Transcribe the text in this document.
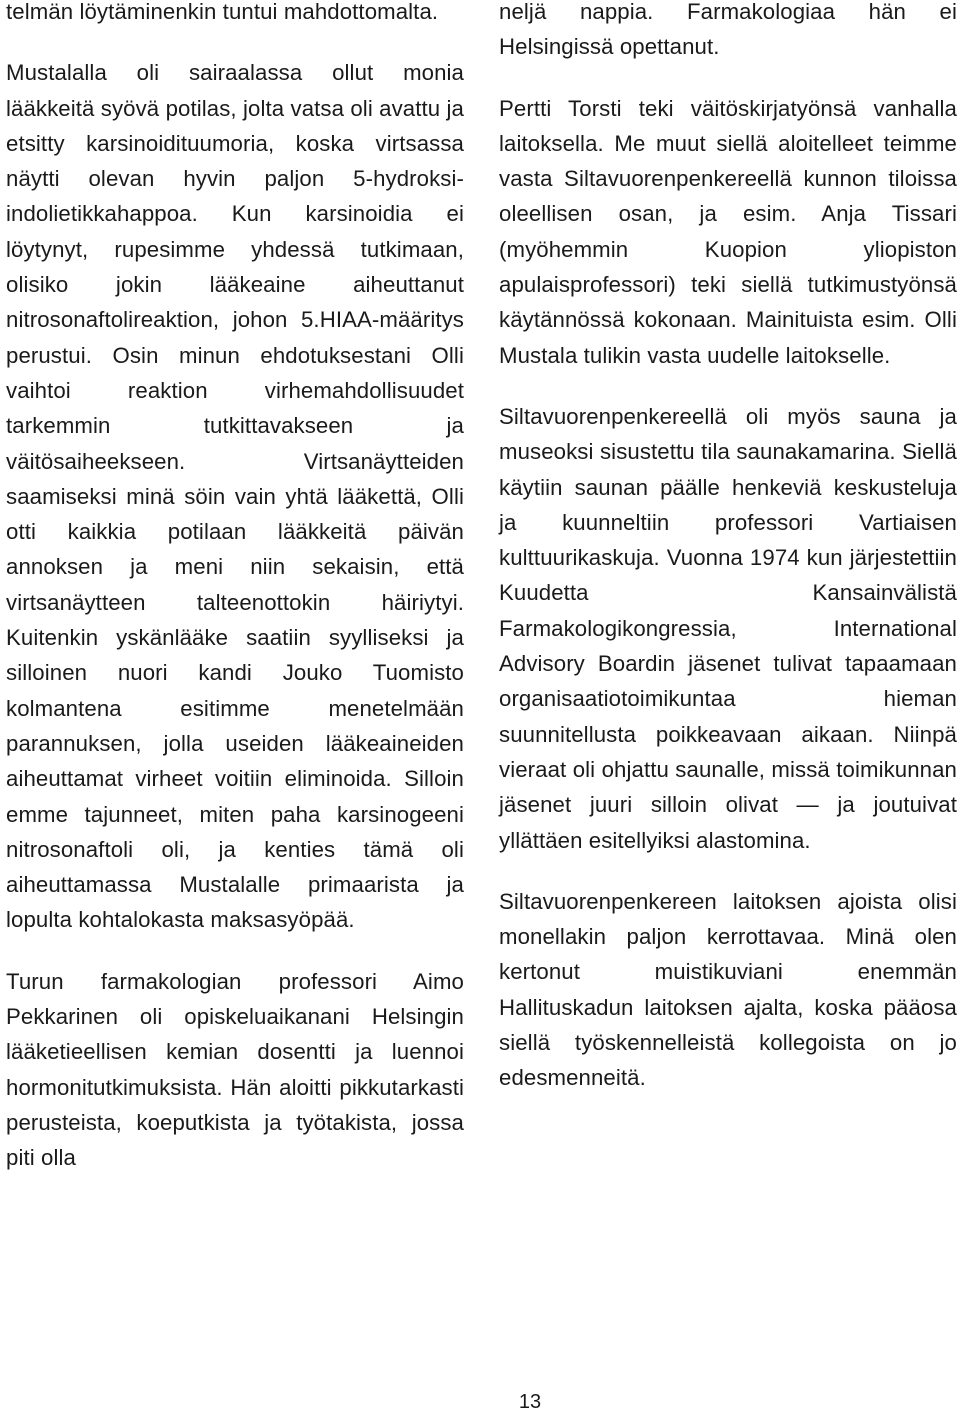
telmän löytäminenkin tuntui mahdottomalta.

Mustalalla oli sairaalassa ollut monia lääkkeitä syövä potilas, jolta vatsa oli avattu ja etsitty karsinoidituumoria, koska virtsassa näytti olevan hyvin paljon 5-hydroksi-indolietikkahappoa. Kun karsinoidia ei löytynyt, rupesimme yhdessä tutkimaan, olisiko jokin lääkeaine aiheuttanut nitrosonaftolireaktion, johon 5.HIAA-määritys perustui. Osin minun ehdotuksestani Olli vaihtoi reaktion virhemahdollisuudet tarkemmin tutkittavakseen ja väitösaiheekseen. Virtsanäytteiden saamiseksi minä söin vain yhtä lääkettä, Olli otti kaikkia potilaan lääkkeitä päivän annoksen ja meni niin sekaisin, että virtsanäytteen talteenottokin häiriytyi. Kuitenkin yskänlääke saatiin syylliseksi ja silloinen nuori kandi Jouko Tuomisto kolmantena esitimme menetelmään parannuksen, jolla useiden lääkeaineiden aiheuttamat virheet voitiin eliminoida. Silloin emme tajunneet, miten paha karsinogeeni nitrosonaftoli oli, ja kenties tämä oli aiheuttamassa Mustalalle primaarista ja lopulta kohtalokasta maksasyöpää.

Turun farmakologian professori Aimo Pekkarinen oli opiskeluaikanani Helsingin lääketieellisen kemian dosentti ja luennoi hormonitutkimuksista. Hän aloitti pikkutarkasti perusteista, koeputkista ja työtakista, jossa piti olla

neljä nappia. Farmakologiaa hän ei Helsingissä opettanut.

Pertti Torsti teki väitöskirjatyönsä vanhalla laitoksella. Me muut siellä aloitelleet teimme vasta Siltavuorenpenkereellä kunnon tiloissa oleellisen osan, ja esim. Anja Tissari (myöhemmin Kuopion yliopiston apulaisprofessori) teki siellä tutkimustyönsä käytännössä kokonaan. Mainituista esim. Olli Mustala tulikin vasta uudelle laitokselle.

Siltavuorenpenkereellä oli myös sauna ja museoksi sisustettu tila saunakamarina. Siellä käytiin saunan päälle henkeviä keskusteluja ja kuunneltiin professori Vartiaisen kulttuurikaskuja. Vuonna 1974 kun järjestettiin Kuudetta Kansainvälistä Farmakologikongressia, International Advisory Boardin jäsenet tulivat tapaamaan organisaatiotoimikuntaa hieman suunnitellusta poikkeavaan aikaan. Niinpä vieraat oli ohjattu saunalle, missä toimikunnan jäsenet juuri silloin olivat — ja joutuivat yllättäen esitellyiksi alastomina.

Siltavuorenpenkereen laitoksen ajoista olisi monellakin paljon kerrottavaa. Minä olen kertonut muistikuviani enemmän Hallituskadun laitoksen ajalta, koska pääosa siellä työskennelleistä kollegoista on jo edesmenneitä.

13
